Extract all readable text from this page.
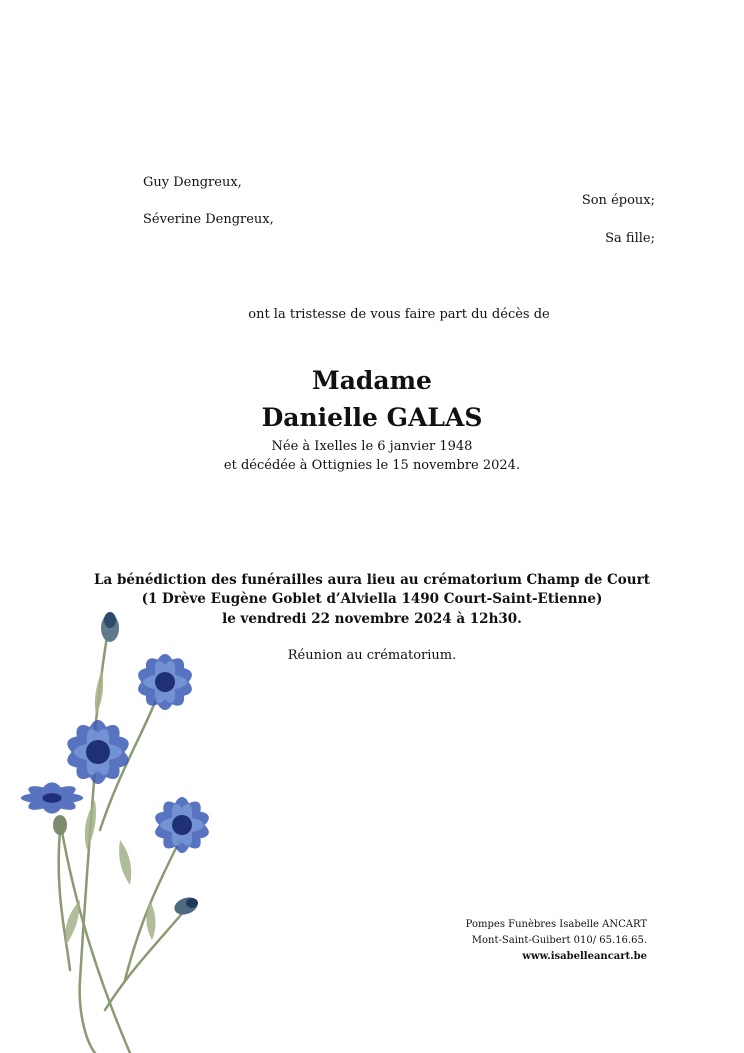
Guy Dengreux,
Son époux;
Séverine Dengreux,
Sa fille;
ont la tristesse de vous faire part du décès de
Madame
Danielle GALAS
Née à Ixelles le 6 janvier 1948
et décédée à Ottignies le 15 novembre 2024.
La bénédiction des funérailles aura lieu au crématorium Champ de Court
(1 Drève Eugène Goblet d’Alviella 1490 Court-Saint-Etienne)
le vendredi 22 novembre 2024 à 12h30.
Réunion au crématorium.
Pompes Funèbres Isabelle ANCART
Mont-Saint-Guibert 010/ 65.16.65.
www.isabelleancart.be
